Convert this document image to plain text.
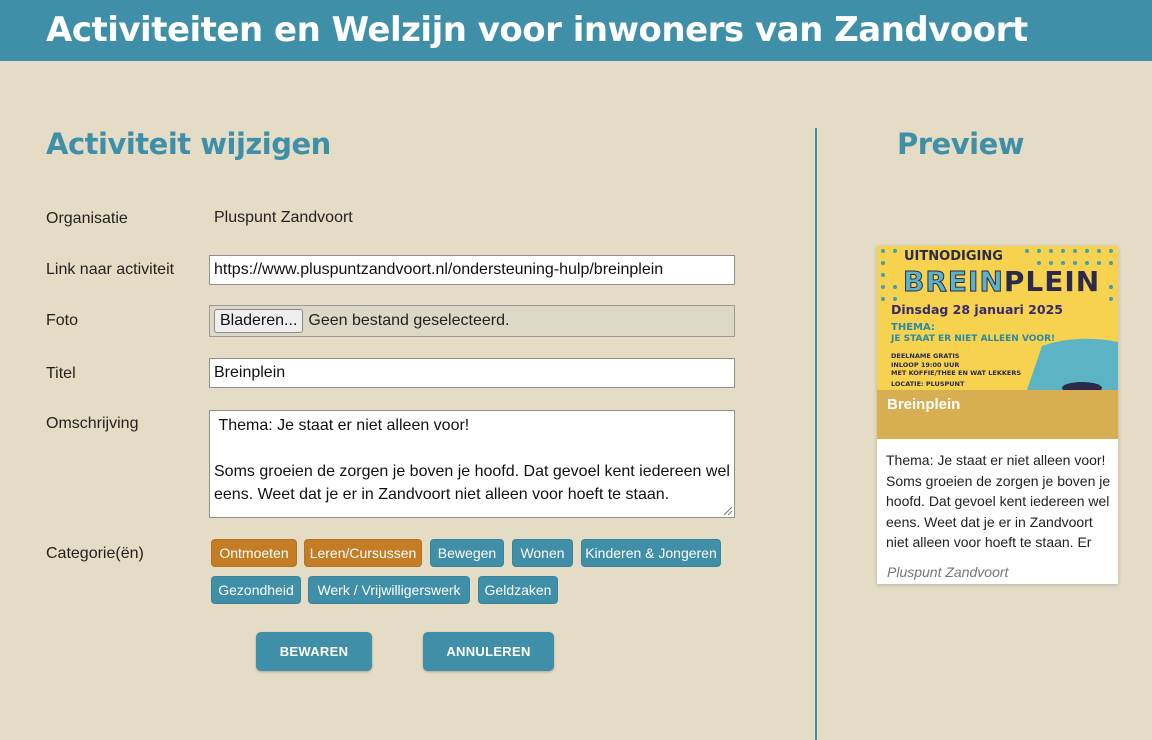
Activiteiten en Welzijn voor inwoners van Zandvoort
Activiteit wijzigen
Organisatie	Pluspunt Zandvoort
Link naar activiteit https://www.pluspuntzandvoort.nl/ondersteuning-hulp/breinplein
Foto	Bladeren... Geen bestand geselecteerd.
Titel	Breinplein
Omschrijving	Thema: Je staat er niet alleen voor!

Soms groeien de zorgen je boven je hoofd. Dat gevoel kent iedereen wel eens. Weet dat je er in Zandvoort niet alleen voor hoeft te staan.

Categorie(ën)	Ontmoeten Leren/Cursussen Bewegen Wonen Kinderen & Jongeren
Gezondheid Werk / Vrijwilligerswerk Geldzaken
BEWAREN	ANNULEREN
Preview
UITNODIGING
BREINPLEIN
Dinsdag 28 januari 2025
THEMA:
JE STAAT ER NIET ALLEEN VOOR!
DEELNAME GRATIS
INLOOP 19:00 UUR
MET KOFFIE/THEE EN WAT LEKKERS
LOCATIE: PLUSPUNT
Breinplein
Thema: Je staat er niet alleen voor! Soms groeien de zorgen je boven je hoofd. Dat gevoel kent iedereen wel eens. Weet dat je er in Zandvoort niet alleen voor hoeft te staan. Er
Pluspunt Zandvoort
